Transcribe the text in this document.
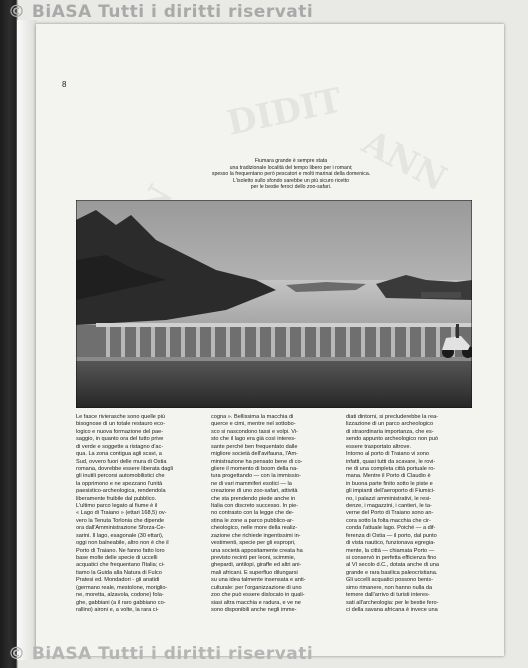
DIDIT
ANN
© BiASA Tutti i diritti riservati
8
Fiumara grande è sempre stata
una tradizionale località del tempo libero per i romani;
spesso la frequentano però pescatori e molti marinai della domenica.
L'isoletto sullo sfondo sarebbe un più sicuro ricetto
per le bestie feroci dello zoo-safari.
Le fasce rivierasche sono quelle più
bisognose di un totale restauro eco-
logico e nuova formazione del pae-
saggio, in quanto ora del tutto prive
di verde e soggette a ristagno d'ac-
qua. La zona contigua agli scavi, a
Sud, ovvero fuori delle mura di Ostia
romana, dovrebbe essere liberata dagli
gli inutili percorsi automobilistici che
la opprimono e ne spezzano l'unità
paesistico-archeologica, rendendola
liberamente fruibile dal pubblico.
L'ultimo parco legato al fiume è il
« Lago di Traiano » (ettari 168,5) ov-
vero la Tenuta Torlonia che dipende
ora dall'Amministrazione Sforza-Ce-
sarini. Il lago, esagonale (30 ettari),
oggi non balneabile, altro non è che il
Porto di Traiano. Ne fanno fatto loro
base molte delle specie di uccelli
acquatici che frequentano l'Italia; ci-
tiamo la Guida alla Natura di Fulco
Pratesi ed. Mondadori - gli anatidi
(germano reale, mestolone, moriglio-
ne, moretta, alzavola, codone) fola-
ghe, gabbiani (a il raro gabbiano co-
rallino) aironi e, a volte, la rara ci-
cogna ». Bellissima la macchia di
querce e cimi, mentre nel sottobo-
sco si nascondono tassi e volpi. Vi-
sto che il lago era già così interes-
sante perché ben frequentato dalle
migliore società dell'avifauna, l'Am-
ministrazione ha pensato bene di co-
gliere il momento di boom della na-
tura progettando — con la immissio-
ne di vari mammiferi esotici — la
creazione di uno zoo-safari, attività
che sta prendendo piede anche in
Italia con discreto successo. In pie-
no contrasto con la legge che de-
stina le zone a parco pubblico-ar-
cheologico, nelle more della realiz-
zazione che richiede ingentissimi in-
vestimenti, specie per gli espropri,
una società appositamente creata ha
previsto recinti per leoni, scimmie,
ghepardi, antilopi, giraffe ed altri ani-
mali africani. È superfluo dilungarsi
su una idea talmente insensata e anti-
culturale: per l'organizzazione di uno
zoo che può essere dislocato in quali-
siasi altra macchia e radura, e ve ne
sono disponibili anche negli imme-
diati dintorni, si precluderebbe la rea-
lizzazione di un parco archeologico
di straordinaria importanza, che es-
sendo appunto archeologico non può
essere trasportato altrove.
Intorno al porto di Traiano vi sono
infatti, quasi tutti da scavare, le rovi-
ne di una completa città portuale ro-
mana. Mentre il Porto di Claudio è
in buona parte finito sotto le piste e
gli impianti dell'aeroporto di Fiumici-
no, i palazzi amministrativi, le resi-
denze, i magazzini, i cantieri, le ta-
verne del Porto di Traiano sono an-
cora sotto la folta macchia che cir-
conda l'attuale lago. Poiché — a dif-
ferenza di Ostia — il porto, dal punto
di vista nautico, funzionava egregia-
mente, la città — chiamata Porto —
si conservò in perfetta efficienza fino
al VI secolo d.C., dotata anche di una
grande e rara basilica paleocristiana.
Gli uccelli acquatici possono benis-
simo rimanere, non hanno nulla da
temere dall'arrivo di turisti interes-
sati all'archeologia: per le bestie fero-
ci della savana africana è invece una
© BiASA Tutti i diritti riservati
